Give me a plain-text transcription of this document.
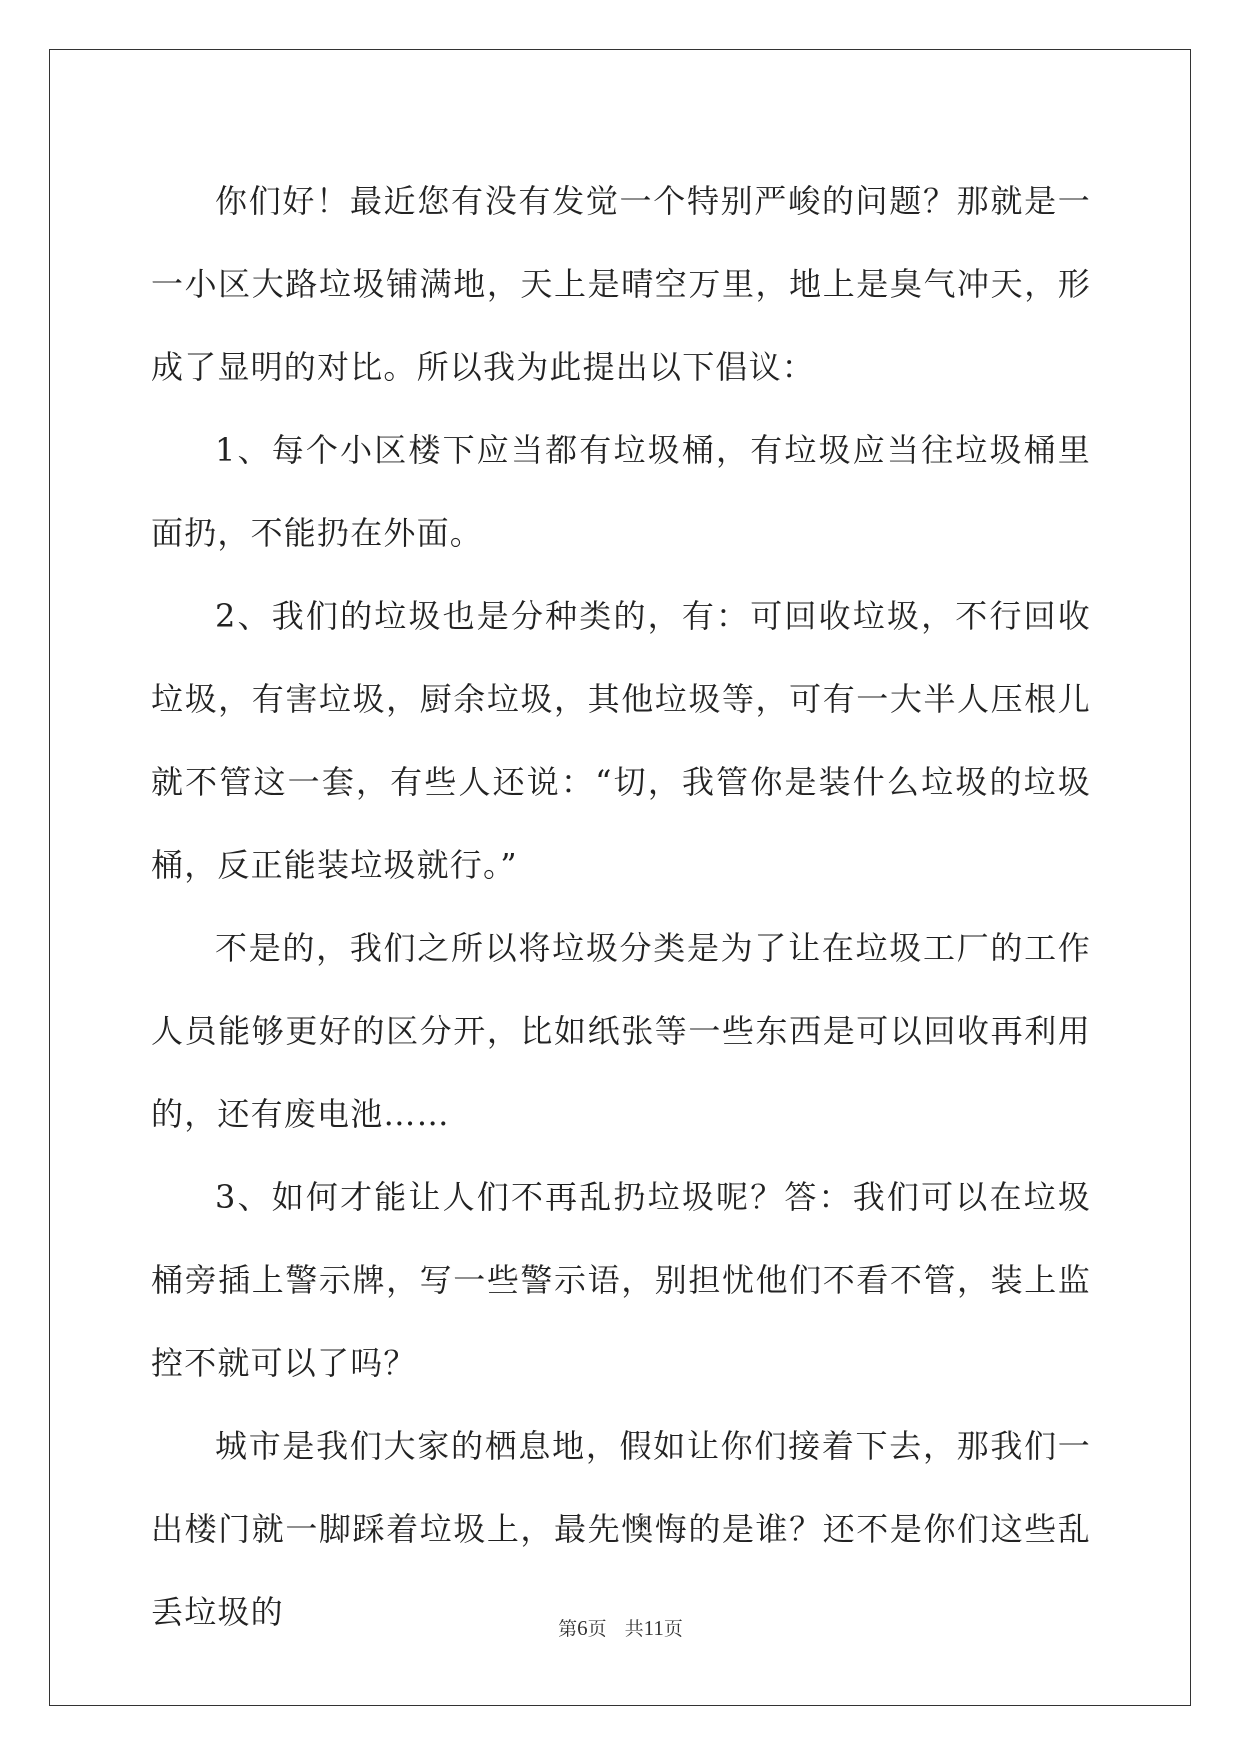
你们好！最近您有没有发觉一个特别严峻的问题？那就是一一小区大路垃圾铺满地，天上是晴空万里，地上是臭气冲天，形成了显明的对比。所以我为此提出以下倡议：

1、每个小区楼下应当都有垃圾桶，有垃圾应当往垃圾桶里面扔，不能扔在外面。

2、我们的垃圾也是分种类的，有：可回收垃圾，不行回收垃圾，有害垃圾，厨余垃圾，其他垃圾等，可有一大半人压根儿就不管这一套，有些人还说：“切，我管你是装什么垃圾的垃圾桶，反正能装垃圾就行。”

不是的，我们之所以将垃圾分类是为了让在垃圾工厂的工作人员能够更好的区分开，比如纸张等一些东西是可以回收再利用的，还有废电池……

3、如何才能让人们不再乱扔垃圾呢？答：我们可以在垃圾桶旁插上警示牌，写一些警示语，别担忧他们不看不管，装上监控不就可以了吗？

城市是我们大家的栖息地，假如让你们接着下去，那我们一出楼门就一脚踩着垃圾上，最先懊悔的是谁？还不是你们这些乱丢垃圾的	第6页 共11页
